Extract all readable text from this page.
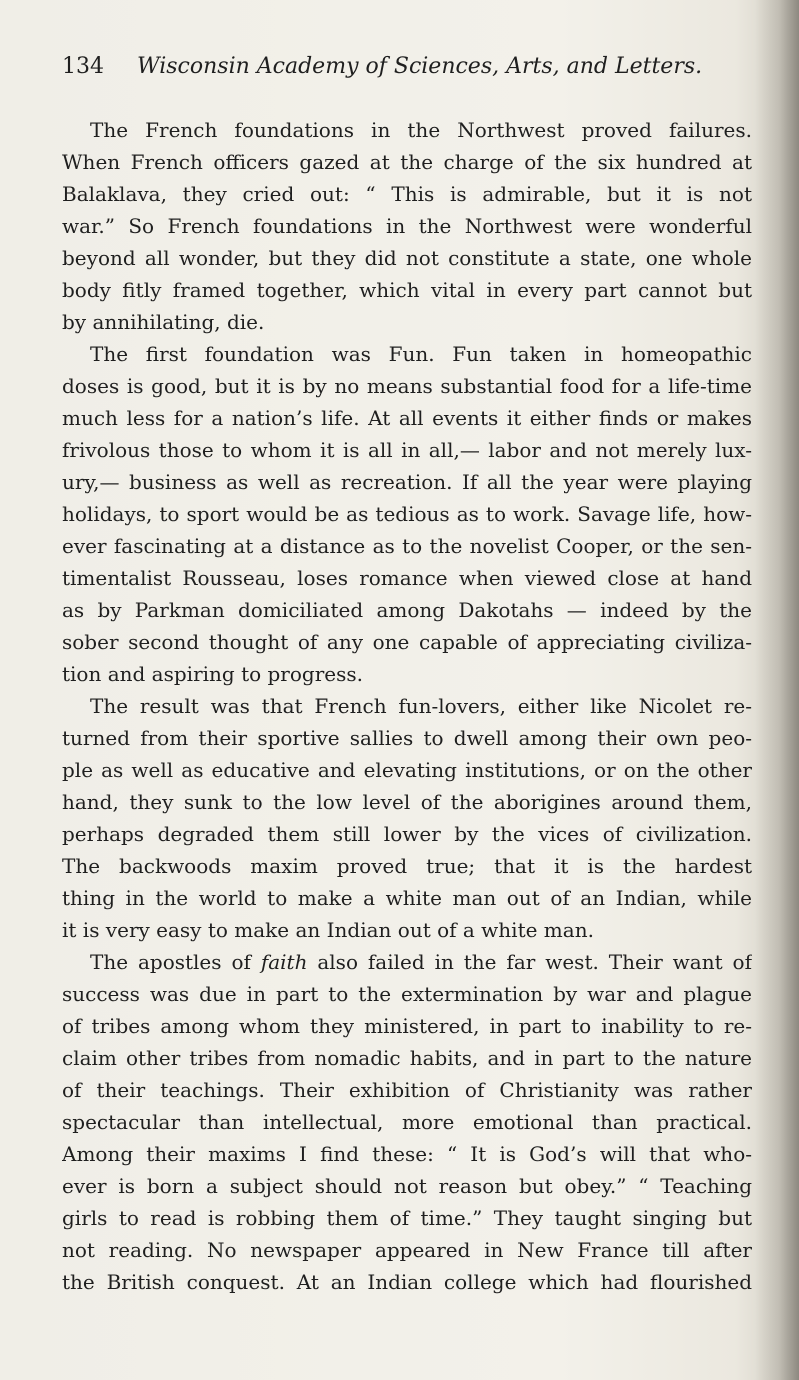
134 Wisconsin Academy of Sciences, Arts, and Letters.
The French foundations in the Northwest proved failures.
When French officers gazed at the charge of the six hundred at
Balaklava, they cried out: “ This is admirable, but it is not
war.” So French foundations in the Northwest were wonderful
beyond all wonder, but they did not constitute a state, one whole
body fitly framed together, which vital in every part cannot but
by annihilating, die.
The first foundation was Fun. Fun taken in homeopathic
doses is good, but it is by no means substantial food for a life-time
much less for a nation’s life. At all events it either finds or makes
frivolous those to whom it is all in all,— labor and not merely lux-
ury,— business as well as recreation. If all the year were playing
holidays, to sport would be as tedious as to work. Savage life, how-
ever fascinating at a distance as to the novelist Cooper, or the sen-
timentalist Rousseau, loses romance when viewed close at hand
as by Parkman domiciliated among Dakotahs — indeed by the
sober second thought of any one capable of appreciating civiliza-
tion and aspiring to progress.
The result was that French fun-lovers, either like Nicolet re-
turned from their sportive sallies to dwell among their own peo-
ple as well as educative and elevating institutions, or on the other
hand, they sunk to the low level of the aborigines around them,
perhaps degraded them still lower by the vices of civilization.
The backwoods maxim proved true; that it is the hardest
thing in the world to make a white man out of an Indian, while
it is very easy to make an Indian out of a white man.
The apostles of faith also failed in the far west. Their want of
success was due in part to the extermination by war and plague
of tribes among whom they ministered, in part to inability to re-
claim other tribes from nomadic habits, and in part to the nature
of their teachings. Their exhibition of Christianity was rather
spectacular than intellectual, more emotional than practical.
Among their maxims I find these: “ It is God’s will that who-
ever is born a subject should not reason but obey.” “ Teaching
girls to read is robbing them of time.” They taught singing but
not reading. No newspaper appeared in New France till after
the British conquest. At an Indian college which had flourished
